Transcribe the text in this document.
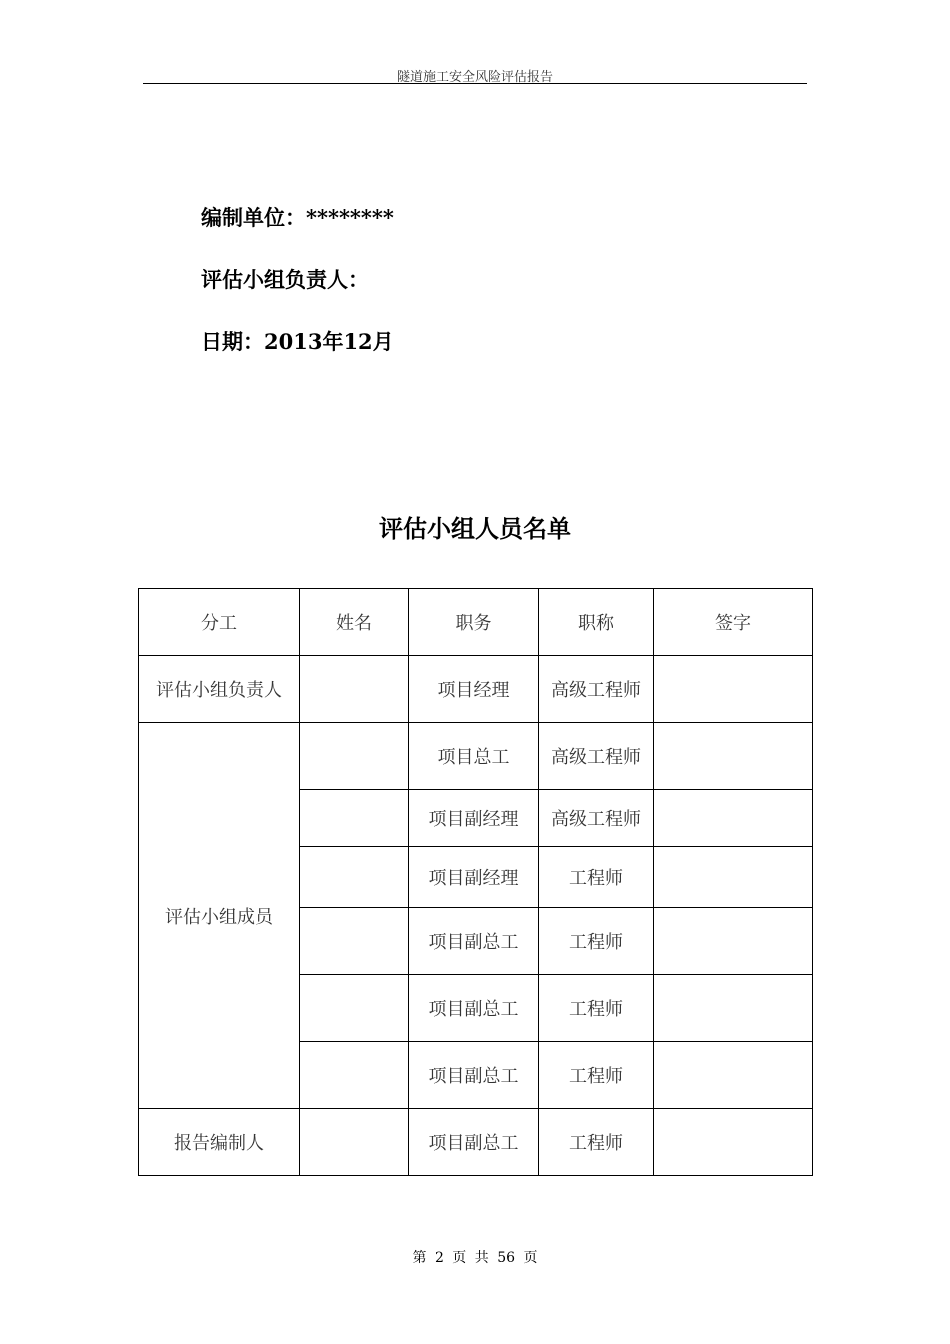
隧道施工安全风险评估报告
编制单位：********
评估小组负责人：
日期：2013年12月
评估小组人员名单
分工	姓名	职务	职称	签字
评估小组负责人		项目经理	高级工程师	
评估小组成员		项目总工	高级工程师	
		项目副经理	高级工程师	
		项目副经理	工程师	
		项目副总工	工程师	
		项目副总工	工程师	
		项目副总工	工程师	
报告编制人		项目副总工	工程师	
第 2 页 共 56 页
